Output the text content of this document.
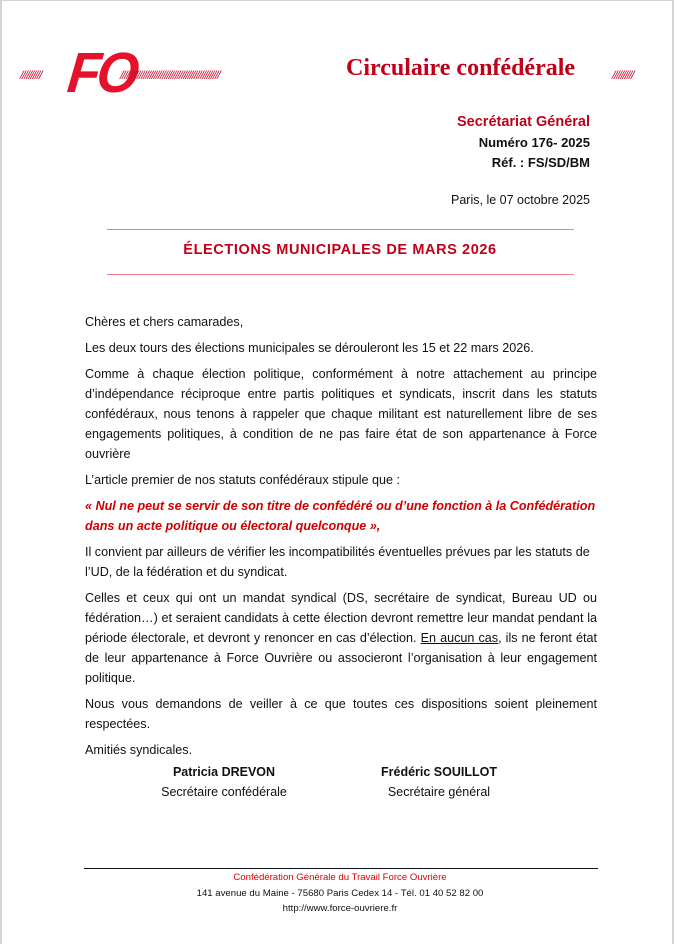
////////// FO
///////////////////////////////////////////////	Circulaire confédérale	//////////
Secrétariat Général
Numéro 176- 2025
Réf. : FS/SD/BM
Paris, le 07 octobre 2025
ÉLECTIONS MUNICIPALES DE MARS 2026

Chères et chers camarades,

Les deux tours des élections municipales se dérouleront les 15 et 22 mars 2026.

Comme à chaque élection politique, conformément à notre attachement au principe d’indépendance réciproque entre partis politiques et syndicats, inscrit dans les statuts confédéraux, nous tenons à rappeler que chaque militant est naturellement libre de ses engagements politiques, à condition de ne pas faire état de son appartenance à Force ouvrière

L’article premier de nos statuts confédéraux stipule que :

« Nul ne peut se servir de son titre de confédéré ou d’une fonction à la Confédération dans un acte politique ou électoral quelconque »,

Il convient par ailleurs de vérifier les incompatibilités éventuelles prévues par les statuts de l’UD, de la fédération et du syndicat.

Celles et ceux qui ont un mandat syndical (DS, secrétaire de syndicat, Bureau UD ou fédération…) et seraient candidats à cette élection devront remettre leur mandat pendant la période électorale, et devront y renoncer en cas d’élection. En aucun cas, ils ne feront état de leur appartenance à Force Ouvrière ou associeront l’organisation à leur engagement politique.

Nous vous demandons de veiller à ce que toutes ces dispositions soient pleinement respectées.

Amitiés syndicales.

Patricia DREVON
Secrétaire confédérale
Frédéric SOUILLOT
Secrétaire général
Confédération Générale du Travail Force Ouvrière
141 avenue du Maine - 75680 Paris Cedex 14 - Tél. 01 40 52 82 00
http://www.force-ouvriere.fr
